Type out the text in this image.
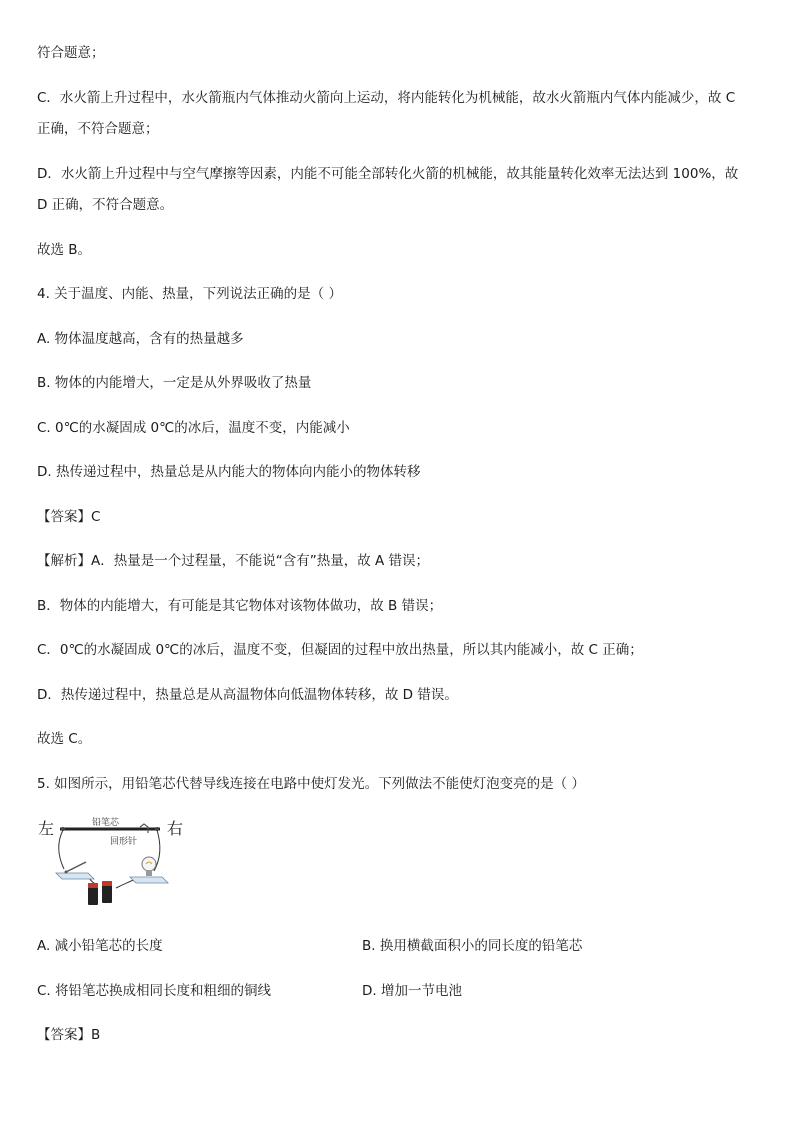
符合题意；
C．水火箭上升过程中，水火箭瓶内气体推动火箭向上运动，将内能转化为机械能，故水火箭瓶内气体内能减少，故 C
正确，不符合题意；
D．水火箭上升过程中与空气摩擦等因素，内能不可能全部转化火箭的机械能，故其能量转化效率无法达到 100%，故
D 正确，不符合题意。
故选 B。
4. 关于温度、内能、热量，下列说法正确的是（ ）
A. 物体温度越高，含有的热量越多
B. 物体的内能增大，一定是从外界吸收了热量
C. 0℃的水凝固成 0℃的冰后，温度不变，内能减小
D. 热传递过程中，热量总是从内能大的物体向内能小的物体转移
【答案】C
【解析】A．热量是一个过程量，不能说“含有”热量，故 A 错误；
B．物体的内能增大，有可能是其它物体对该物体做功，故 B 错误；
C．0℃的水凝固成 0℃的冰后，温度不变，但凝固的过程中放出热量，所以其内能减小，故 C 正确；
D．热传递过程中，热量总是从高温物体向低温物体转移，故 D 错误。
故选 C。
5. 如图所示，用铅笔芯代替导线连接在电路中使灯发光。下列做法不能使灯泡变亮的是（ ）
左	右
铅笔芯
回形针
A. 减小铅笔芯的长度	B. 换用横截面积小的同长度的铅笔芯
C. 将铅笔芯换成相同长度和粗细的铜线	D. 增加一节电池
【答案】B
